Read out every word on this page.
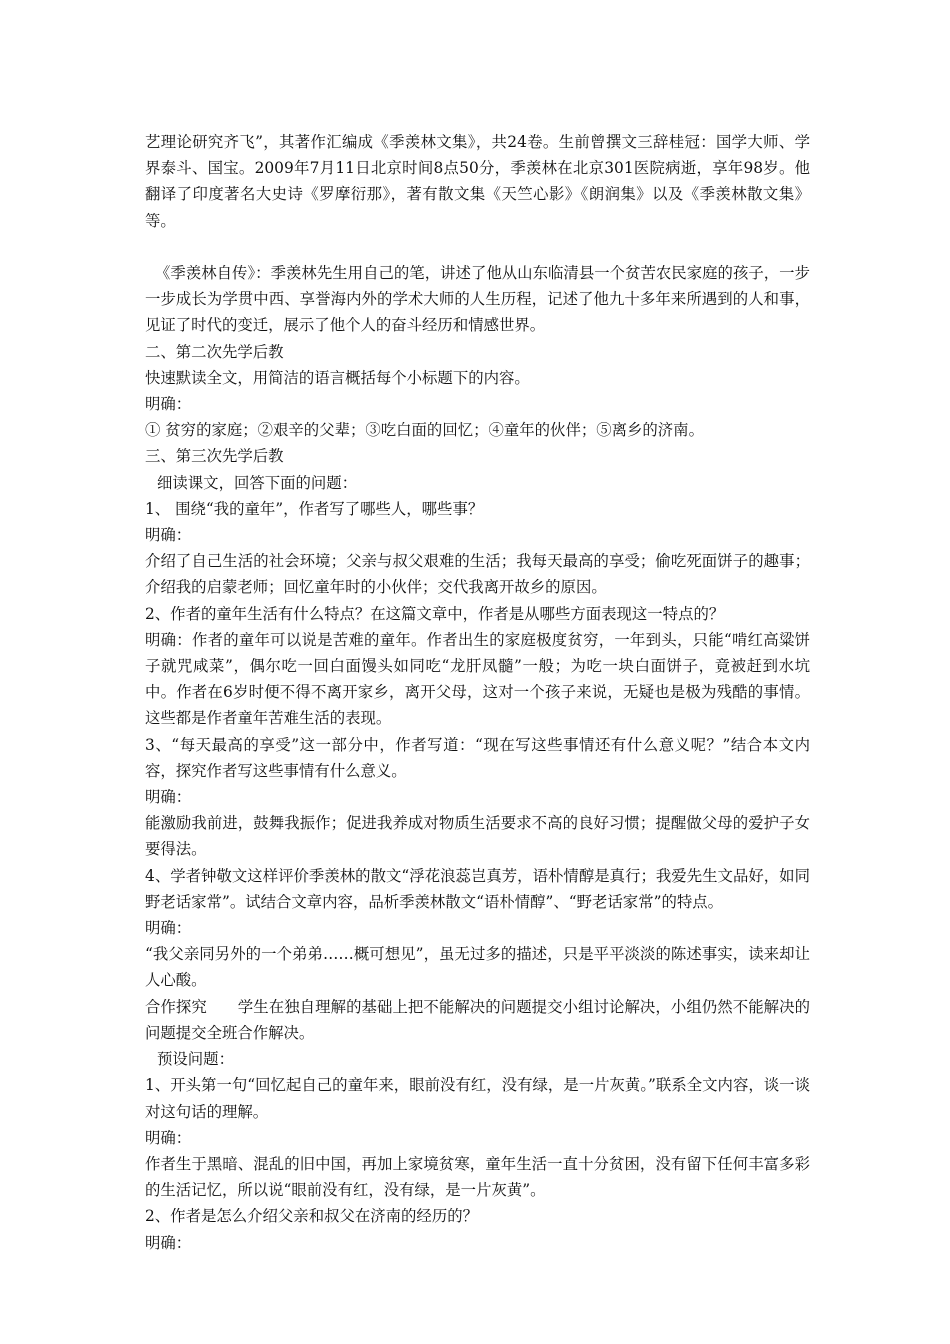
艺理论研究齐飞”，其著作汇编成《季羡林文集》，共24卷。生前曾撰文三辞桂冠：国学大师、学界泰斗、国宝。2009年7月11日北京时间8点50分，季羡林在北京301医院病逝，享年98岁。他翻译了印度著名大史诗《罗摩衍那》，著有散文集《天竺心影》《朗润集》以及《季羡林散文集》等。

《季羡林自传》：季羡林先生用自己的笔，讲述了他从山东临清县一个贫苦农民家庭的孩子，一步一步成长为学贯中西、享誉海内外的学术大师的人生历程，记述了他九十多年来所遇到的人和事，见证了时代的变迁，展示了他个人的奋斗经历和情感世界。

二、第二次先学后教

快速默读全文，用简洁的语言概括每个小标题下的内容。

明确：

① 贫穷的家庭；②艰辛的父辈；③吃白面的回忆；④童年的伙伴；⑤离乡的济南。

三、第三次先学后教

细读课文，回答下面的问题：

1、 围绕“我的童年”，作者写了哪些人，哪些事？

明确：

介绍了自己生活的社会环境；父亲与叔父艰难的生活；我每天最高的享受；偷吃死面饼子的趣事；介绍我的启蒙老师；回忆童年时的小伙伴；交代我离开故乡的原因。

2、作者的童年生活有什么特点？在这篇文章中，作者是从哪些方面表现这一特点的？

明确：作者的童年可以说是苦难的童年。作者出生的家庭极度贫穷，一年到头，只能“啃红高粱饼子就咒咸菜”，偶尔吃一回白面馒头如同吃“龙肝凤髓”一般；为吃一块白面饼子，竟被赶到水坑中。作者在6岁时便不得不离开家乡，离开父母，这对一个孩子来说，无疑也是极为残酷的事情。这些都是作者童年苦难生活的表现。

3、“每天最高的享受”这一部分中，作者写道：“现在写这些事情还有什么意义呢？”结合本文内容，探究作者写这些事情有什么意义。

明确：

能激励我前进，鼓舞我振作；促进我养成对物质生活要求不高的良好习惯；提醒做父母的爱护子女要得法。

4、学者钟敬文这样评价季羡林的散文“浮花浪蕊岂真芳，语朴情醇是真行；我爱先生文品好，如同野老话家常”。试结合文章内容，品析季羡林散文“语朴情醇”、“野老话家常”的特点。

明确：

“我父亲同另外的一个弟弟……概可想见”，虽无过多的描述，只是平平淡淡的陈述事实，读来却让人心酸。

合作探究　　学生在独自理解的基础上把不能解决的问题提交小组讨论解决，小组仍然不能解决的问题提交全班合作解决。

预设问题：

1、开头第一句“回忆起自己的童年来，眼前没有红，没有绿，是一片灰黄。”联系全文内容，谈一谈对这句话的理解。

明确：

作者生于黑暗、混乱的旧中国，再加上家境贫寒，童年生活一直十分贫困，没有留下任何丰富多彩的生活记忆，所以说“眼前没有红，没有绿，是一片灰黄”。

2、作者是怎么介绍父亲和叔父在济南的经历的？

明确：
